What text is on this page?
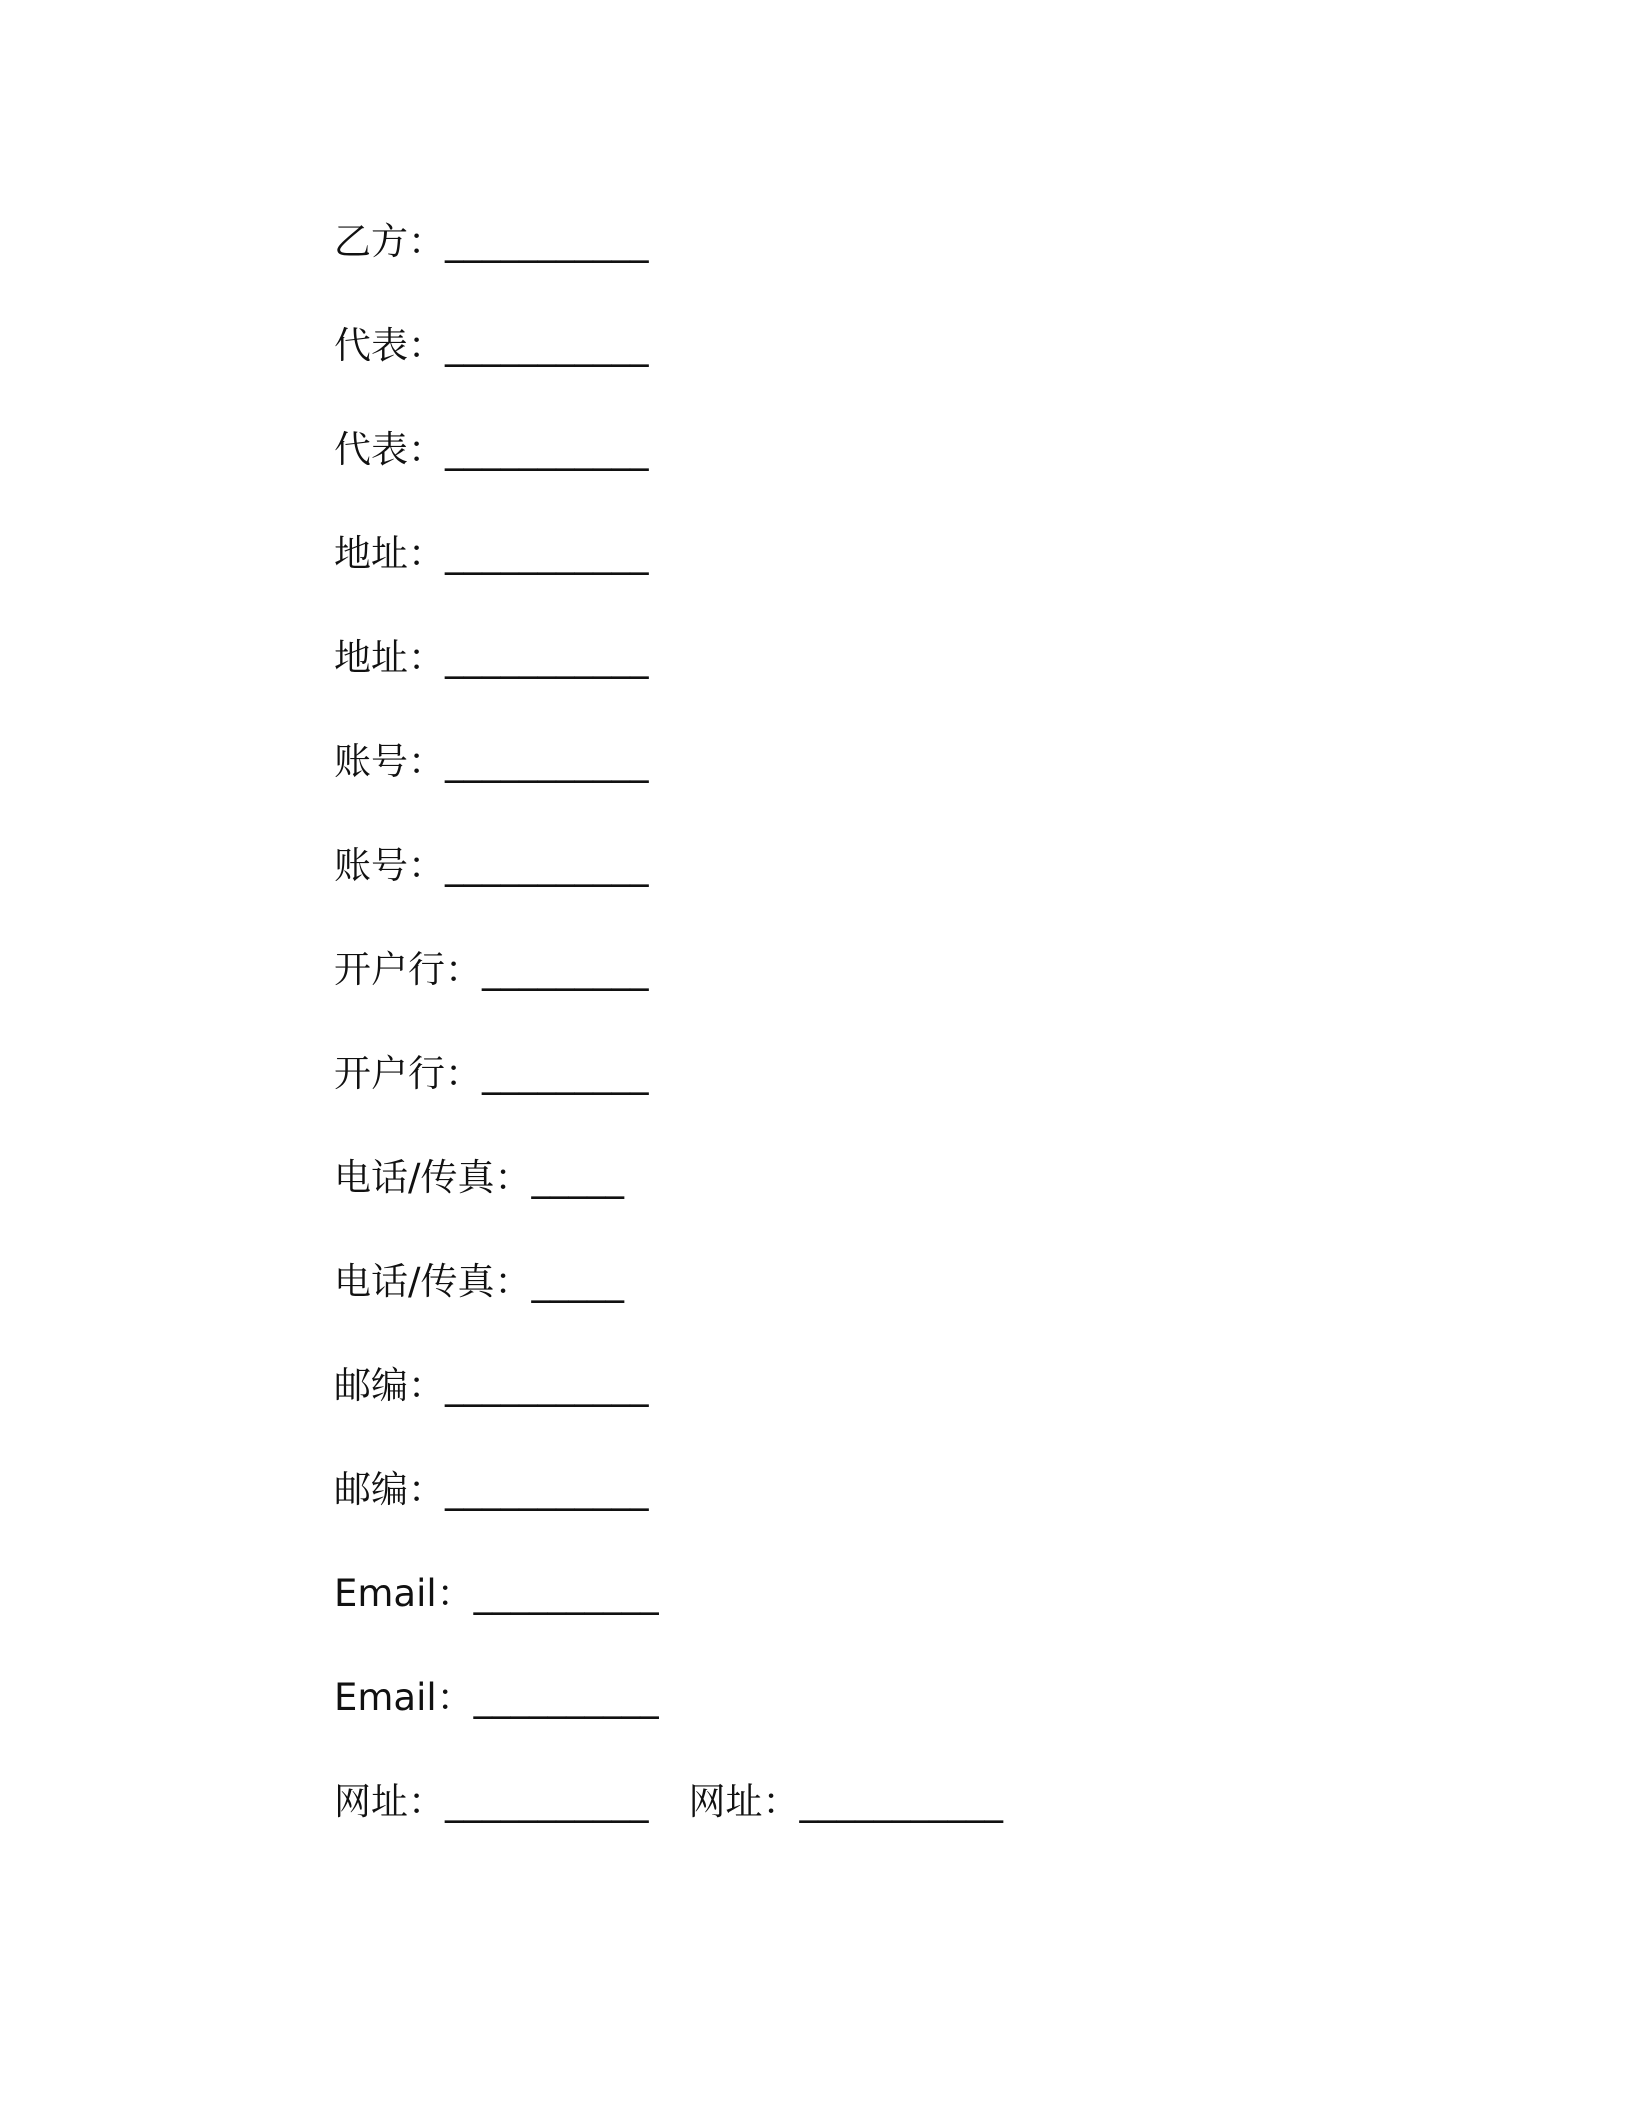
乙方： ___________
代表： ___________
代表： ___________
地址： ___________
地址： ___________
账号： ___________
账号： ___________
开户行： _________
开户行： _________
电话/传真： _____
电话/传真： _____
邮编： ___________
邮编： ___________
Email： __________
Email： __________
网址： ___________ 网址： ___________
